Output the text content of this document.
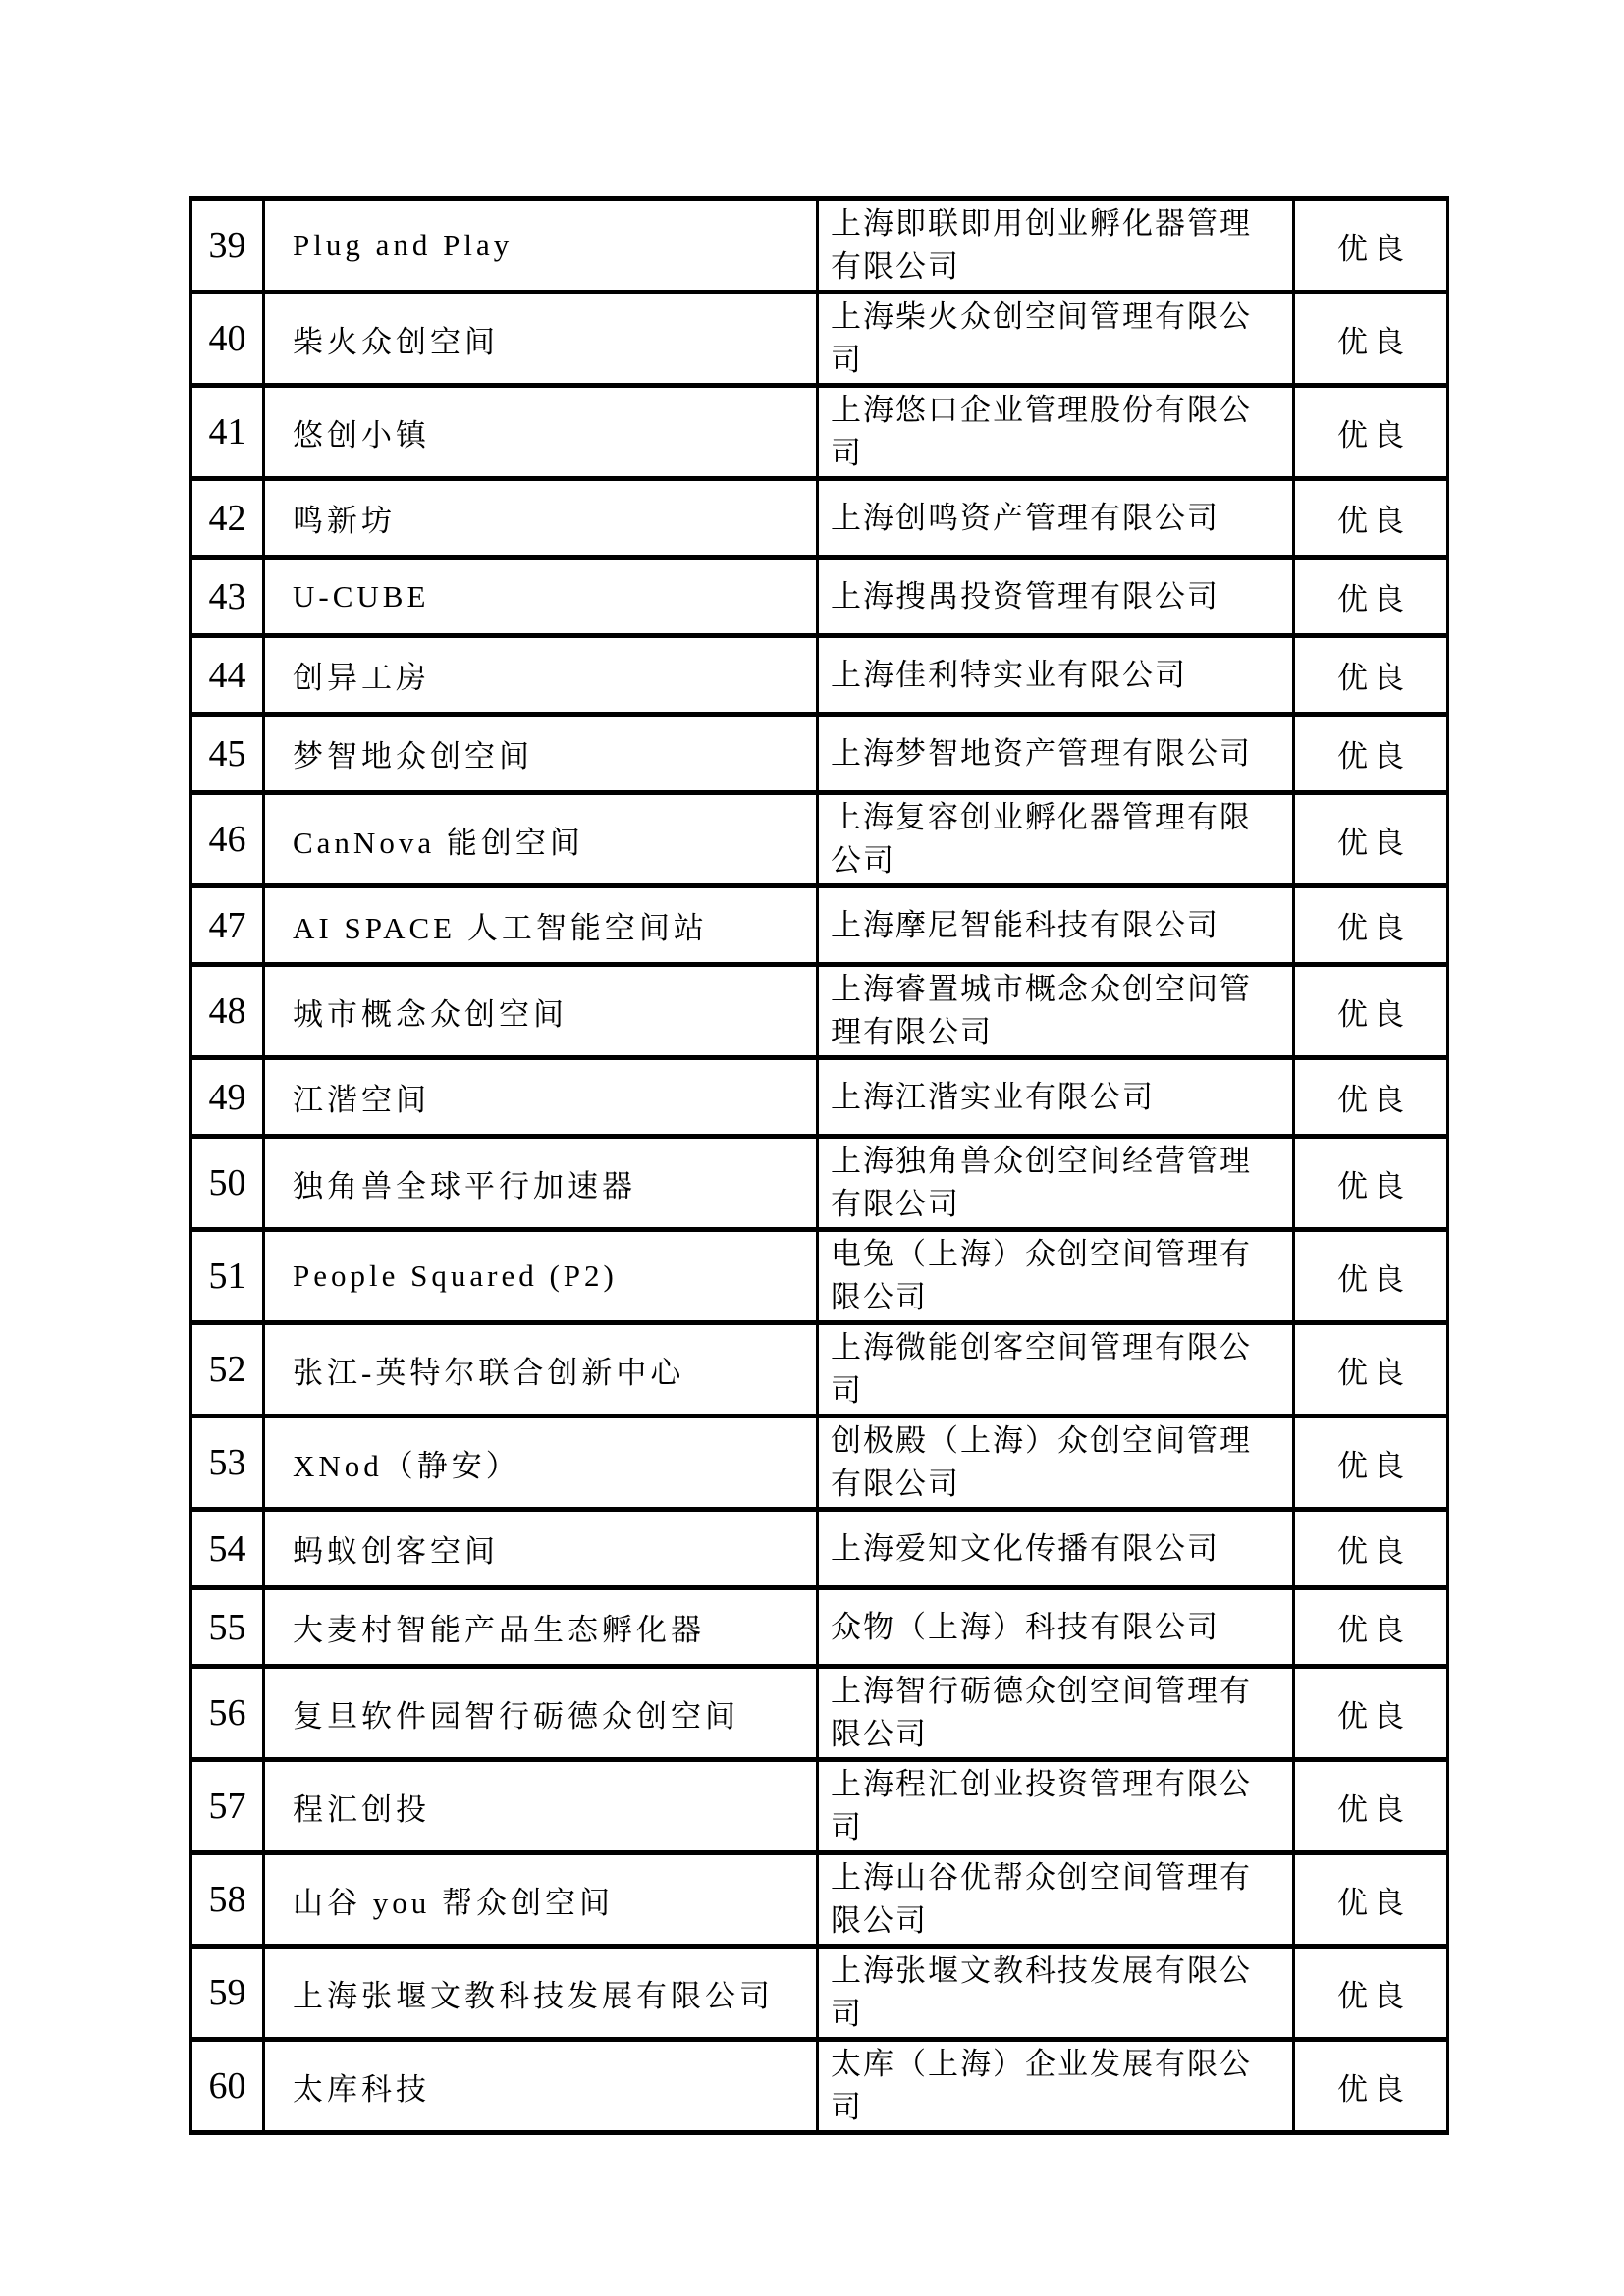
39	Plug and Play	上海即联即用创业孵化器管理有限公司	优良
40	柴火众创空间	上海柴火众创空间管理有限公司	优良
41	悠创小镇	上海悠口企业管理股份有限公司	优良
42	鸣新坊	上海创鸣资产管理有限公司	优良
43	U-CUBE	上海搜禺投资管理有限公司	优良
44	创异工房	上海佳利特实业有限公司	优良
45	梦智地众创空间	上海梦智地资产管理有限公司	优良
46	CanNova 能创空间	上海复容创业孵化器管理有限公司	优良
47	AI SPACE 人工智能空间站	上海摩尼智能科技有限公司	优良
48	城市概念众创空间	上海睿置城市概念众创空间管理有限公司	优良
49	江湝空间	上海江湝实业有限公司	优良
50	独角兽全球平行加速器	上海独角兽众创空间经营管理有限公司	优良
51	People Squared (P2)	电兔（上海）众创空间管理有限公司	优良
52	张江-英特尔联合创新中心	上海微能创客空间管理有限公司	优良
53	XNod（静安）	创极殿（上海）众创空间管理有限公司	优良
54	蚂蚁创客空间	上海爱知文化传播有限公司	优良
55	大麦村智能产品生态孵化器	众物（上海）科技有限公司	优良
56	复旦软件园智行砺德众创空间	上海智行砺德众创空间管理有限公司	优良
57	程汇创投	上海程汇创业投资管理有限公司	优良
58	山谷 you 帮众创空间	上海山谷优帮众创空间管理有限公司	优良
59	上海张堰文教科技发展有限公司	上海张堰文教科技发展有限公司	优良
60	太库科技	太库（上海）企业发展有限公司	优良
